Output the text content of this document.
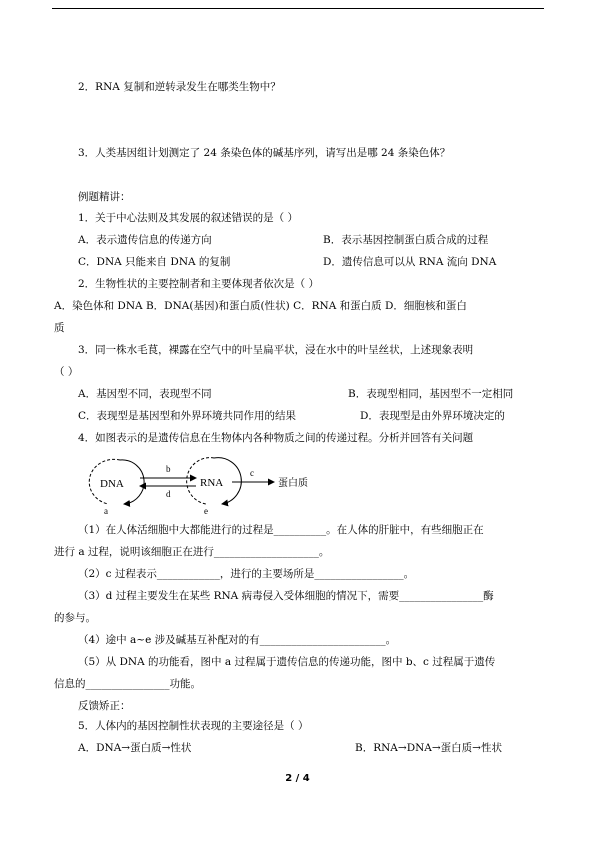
2．RNA 复制和逆转录发生在哪类生物中？
3．人类基因组计划测定了 24 条染色体的碱基序列，请写出是哪 24 条染色体？
例题精讲：
1．关于中心法则及其发展的叙述错误的是（ ）
A．表示遗传信息的传递方向	B．表示基因控制蛋白质合成的过程
C．DNA 只能来自 DNA 的复制	D．遗传信息可以从 RNA 流向 DNA
2．生物性状的主要控制者和主要体现者依次是（ ）
A．染色体和 DNA B．DNA(基因)和蛋白质(性状) C．RNA 和蛋白质 D．细胞核和蛋白
质
3．同一株水毛茛，裸露在空气中的叶呈扁平状，浸在水中的叶呈丝状，上述现象表明
（ ）
A．基因型不同，表现型不同	B．表现型相同，基因型不一定相同
C．表现型是基因型和外界环境共同作用的结果	D．表现型是由外界环境决定的
4．如图表示的是遗传信息在生物体内各种物质之间的传递过程。分析并回答有关问题
DNA
a
b
d
RNA
e
c
蛋白质
（1）在人体活细胞中大都能进行的过程是__________。在人体的肝脏中，有些细胞正在
进行 a 过程，说明该细胞正在进行____________________。
（2）c 过程表示____________，进行的主要场所是_________________。
（3）d 过程主要发生在某些 RNA 病毒侵入受体细胞的情况下，需要________________酶
的参与。
（4）途中 a~e 涉及碱基互补配对的有________________________。
（5）从 DNA 的功能看，图中 a 过程属于遗传信息的传递功能，图中 b、c 过程属于遗传
信息的________________功能。
反馈矫正：
5．人体内的基因控制性状表现的主要途径是（ ）
A．DNA→蛋白质→性状	B．RNA→DNA→蛋白质→性状
2 / 4
